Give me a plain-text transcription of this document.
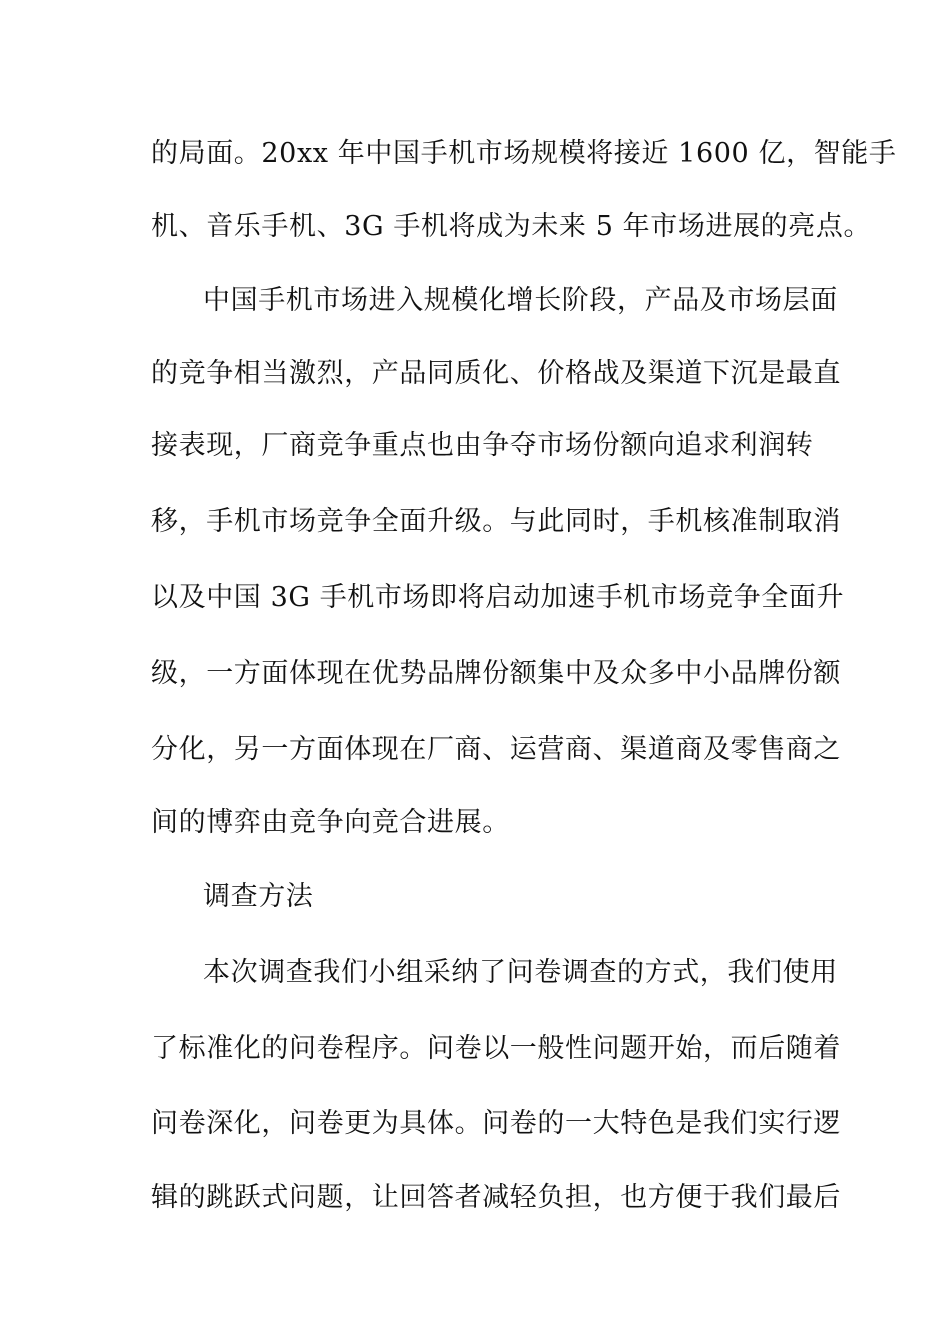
的局面。20xx 年中国手机市场规模将接近 1600 亿，智能手
机、音乐手机、3G 手机将成为未来 5 年市场进展的亮点。
中国手机市场进入规模化增长阶段，产品及市场层面
的竞争相当激烈，产品同质化、价格战及渠道下沉是最直
接表现，厂商竞争重点也由争夺市场份额向追求利润转
移，手机市场竞争全面升级。与此同时，手机核准制取消
以及中国 3G 手机市场即将启动加速手机市场竞争全面升
级，一方面体现在优势品牌份额集中及众多中小品牌份额
分化，另一方面体现在厂商、运营商、渠道商及零售商之
间的博弈由竞争向竞合进展。
调查方法
本次调查我们小组采纳了问卷调查的方式，我们使用
了标准化的问卷程序。问卷以一般性问题开始，而后随着
问卷深化，问卷更为具体。问卷的一大特色是我们实行逻
辑的跳跃式问题，让回答者减轻负担，也方便于我们最后
